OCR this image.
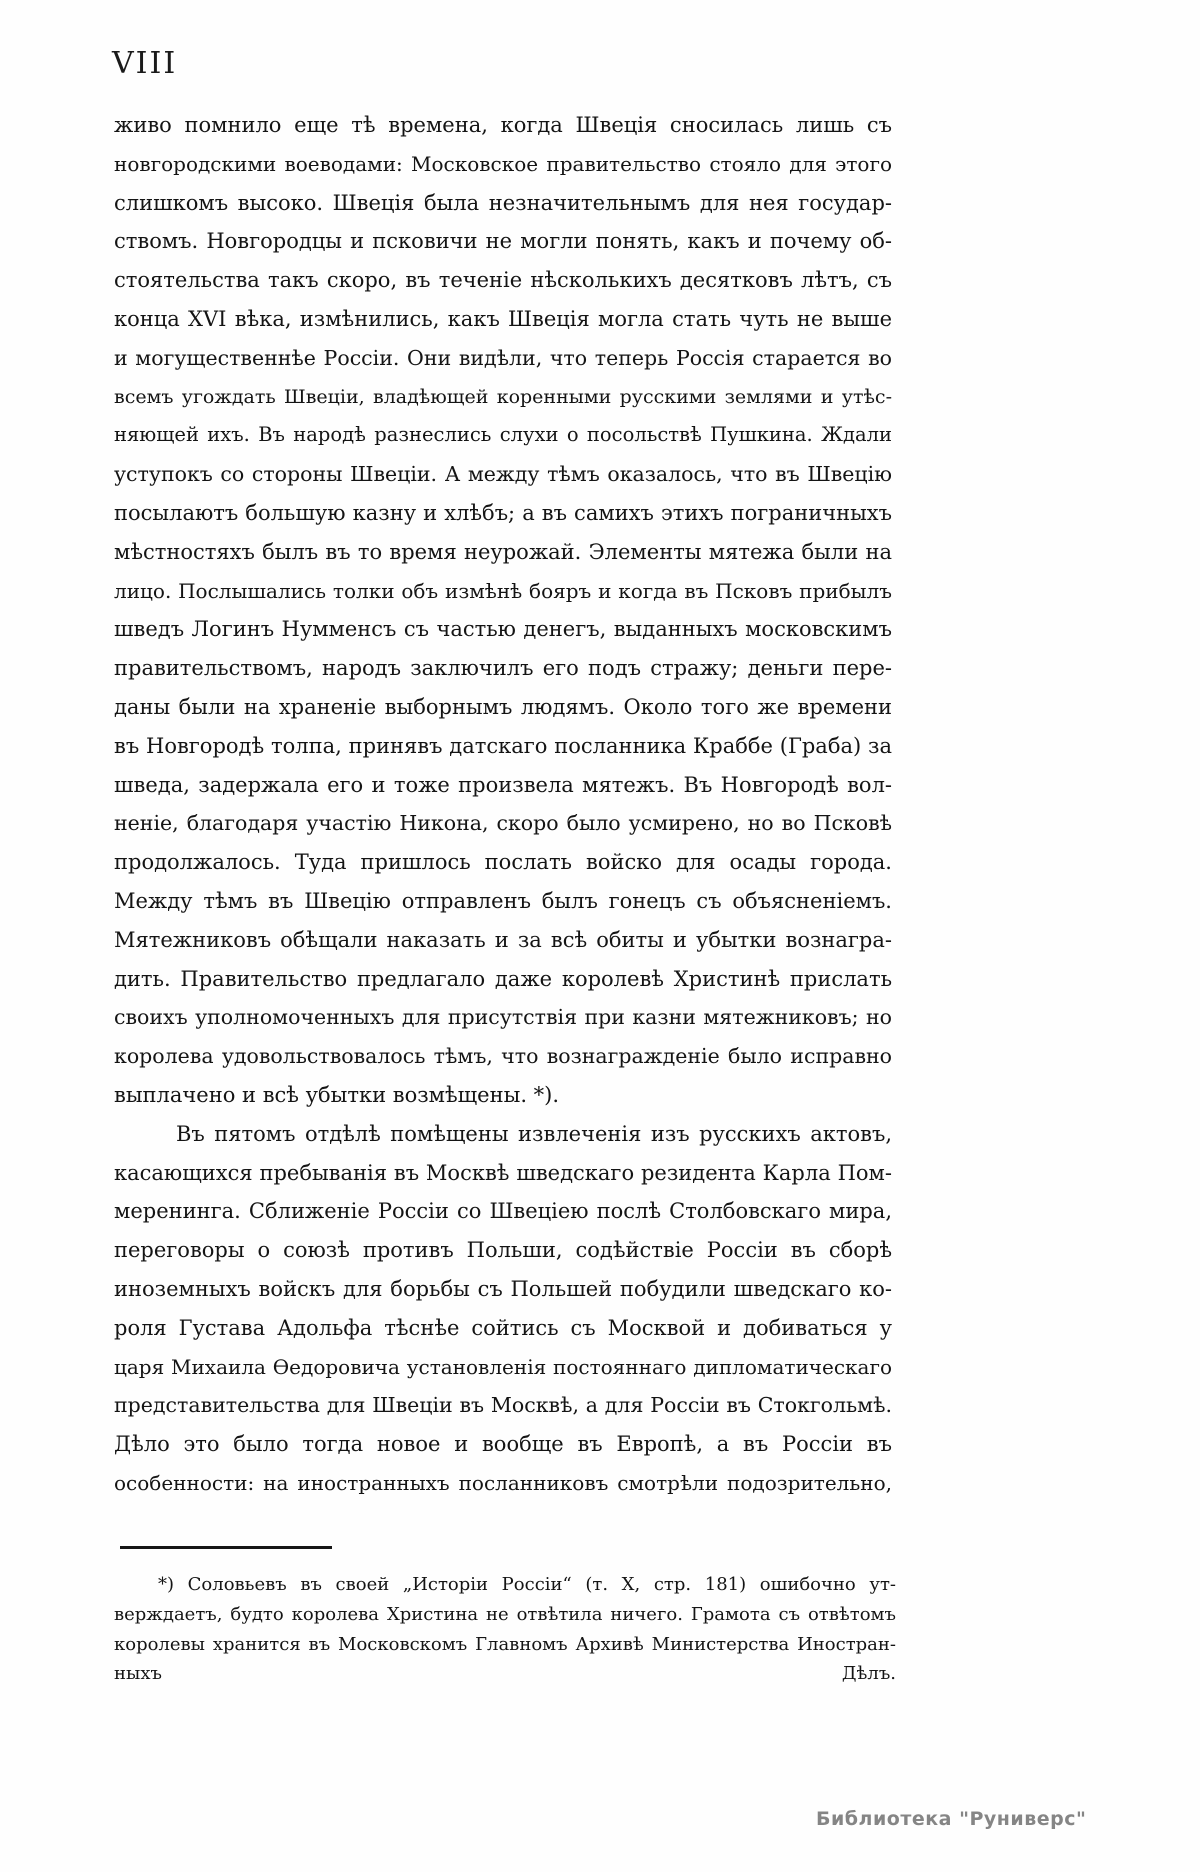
VIII
живо помнило еще тѣ времена, когда Швеція сносилась лишь съ
новгородскими воеводами: Московское правительство стояло для этого
слишкомъ высоко. Швеція была незначительнымъ для нея государ-
ствомъ. Новгородцы и псковичи не могли понять, какъ и почему об-
стоятельства такъ скоро, въ теченіе нѣсколькихъ десятковъ лѣтъ, съ
конца XVI вѣка, измѣнились, какъ Швеція могла стать чуть не выше
и могущественнѣе Россіи. Они видѣли, что теперь Россія старается во
всемъ угождать Швеціи, владѣющей коренными русскими землями и утѣс-
няющей ихъ. Въ народѣ разнеслись слухи о посольствѣ Пушкина. Ждали
уступокъ со стороны Швеціи. А между тѣмъ оказалось, что въ Швецію
посылаютъ большую казну и хлѣбъ; а въ самихъ этихъ пограничныхъ
мѣстностяхъ былъ въ то время неурожай. Элементы мятежа были на
лицо. Послышались толки объ измѣнѣ бояръ и когда въ Псковъ прибылъ
шведъ Логинъ Нумменсъ съ частью денегъ, выданныхъ московскимъ
правительствомъ, народъ заключилъ его подъ стражу; деньги пере-
даны были на храненіе выборнымъ людямъ. Около того же времени
въ Новгородѣ толпа, принявъ датскаго посланника Краббе (Граба) за
шведа, задержала его и тоже произвела мятежъ. Въ Новгородѣ вол-
неніе, благодаря участію Никона, скоро было усмирено, но во Псковѣ
продолжалось. Туда пришлось послать войско для осады города.
Между тѣмъ въ Швецію отправленъ былъ гонецъ съ объясненіемъ.
Мятежниковъ обѣщали наказать и за всѣ обиты и убытки вознагра-
дить. Правительство предлагало даже королевѣ Христинѣ прислать
своихъ уполномоченныхъ для присутствія при казни мятежниковъ; но
королева удовольствовалось тѣмъ, что вознагражденіе было исправно
выплачено и всѣ убытки возмѣщены. *).
Въ пятомъ отдѣлѣ помѣщены извлеченія изъ русскихъ актовъ,
касающихся пребыванія въ Москвѣ шведскаго резидента Карла Пом-
меренинга. Сближеніе Россіи со Швеціею послѣ Столбовскаго мира,
переговоры о союзѣ противъ Польши, содѣйствіе Россіи въ сборѣ
иноземныхъ войскъ для борьбы съ Польшей побудили шведскаго ко-
роля Густава Адольфа тѣснѣе сойтись съ Москвой и добиваться у
царя Михаила Ѳедоровича установленія постояннаго дипломатическаго
представительства для Швеціи въ Москвѣ, а для Россіи въ Стокгольмѣ.
Дѣло это было тогда новое и вообще въ Европѣ, а въ Россіи въ
особенности: на иностранныхъ посланниковъ смотрѣли подозрительно,
*) Соловьевъ въ своей „Исторіи Россіи“ (т. X, стр. 181) ошибочно ут-
верждаетъ, будто королева Христина не отвѣтила ничего. Грамота съ отвѣтомъ
королевы хранится въ Московскомъ Главномъ Архивѣ Министерства Иностран-
ныхъ Дѣлъ.
Библиотека "Руниверс"
